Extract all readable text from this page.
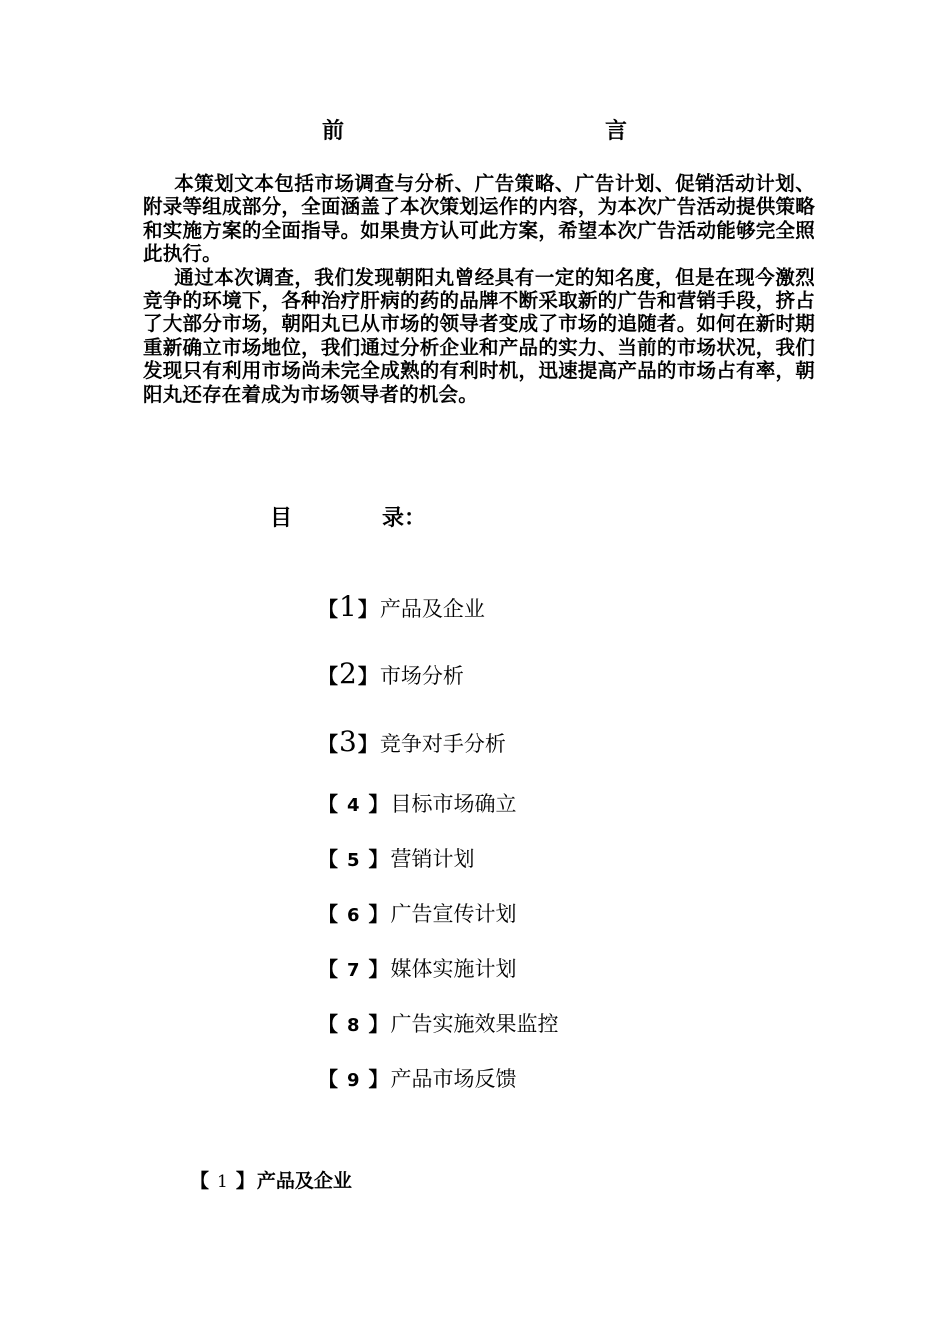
前	言

本策划文本包括市场调查与分析、广告策略、广告计划、促销活动计划、附录等组成部分，全面涵盖了本次策划运作的内容，为本次广告活动提供策略和实施方案的全面指导。如果贵方认可此方案，希望本次广告活动能够完全照此执行。

通过本次调查，我们发现朝阳丸曾经具有一定的知名度，但是在现今激烈竞争的环境下，各种治疗肝病的药的品牌不断采取新的广告和营销手段，挤占了大部分市场，朝阳丸已从市场的领导者变成了市场的追随者。如何在新时期重新确立市场地位，我们通过分析企业和产品的实力、当前的市场状况，我们发现只有利用市场尚未完全成熟的有利时机，迅速提高产品的市场占有率，朝阳丸还存在着成为市场领导者的机会。

目	录：
【 1 】 产品及企业
【 2 】 市场分析
【 3 】 竞争对手分析
【 4 】 目标市场确立
【 5 】 营销计划
【 6 】 广告宣传计划
【 7 】 媒体实施计划
【 8 】 广告实施效果监控
【 9 】 产品市场反馈
【 1 】 产品及企业
